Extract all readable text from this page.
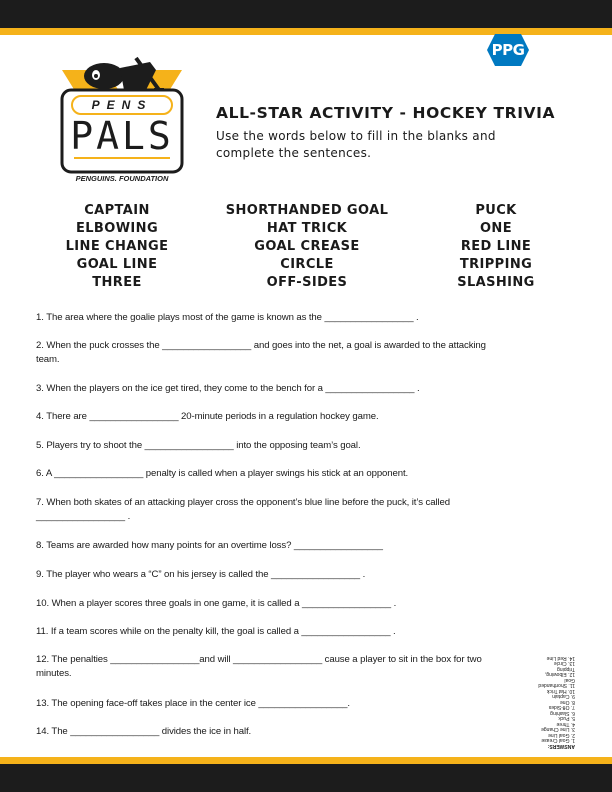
PPG
PENS
PALS
PENGUINS. FOUNDATION
ALL-STAR ACTIVITY - HOCKEY TRIVIA
Use the words below to fill in the blanks and complete the sentences.
CAPTAIN
ELBOWING
LINE CHANGE
GOAL LINE
THREE
SHORTHANDED GOAL
HAT TRICK
GOAL CREASE
CIRCLE
OFF-SIDES
PUCK
ONE
RED LINE
TRIPPING
SLASHING
1. The area where the goalie plays most of the game is known as the _________________ .
2. When the puck crosses the _________________ and goes into the net, a goal is awarded to the attacking team.
3. When the players on the ice get tired, they come to the bench for a _________________ .
4. There are _________________ 20-minute periods in a regulation hockey game.
5. Players try to shoot the _________________ into the opposing team’s goal.
6. A _________________ penalty is called when a player swings his stick at an opponent.
7. When both skates of an attacking player cross the opponent’s blue line before the puck, it’s called _________________ .
8. Teams are awarded how many points for an overtime loss? _________________
9. The player who wears a “C” on his jersey is called the _________________ .
10. When a player scores three goals in one game, it is called a _________________ .
11. If a team scores while on the penalty kill, the goal is called a _________________ .
12. The penalties _________________and will _________________ cause a player to sit in the box for two minutes.
13. The opening face-off takes place in the center ice _________________.
14. The _________________ divides the ice in half.
ANSWERS:
1. Goal Crease
2. Goal Line
3. Line Change
4. Three
5. Puck
6. Slashing
7. Off-Sides
8. One
9. Captain
10. Hat Trick
11. Shorthanded Goal
12. Elbowing, Tripping
13. Circle
14. Red Line
